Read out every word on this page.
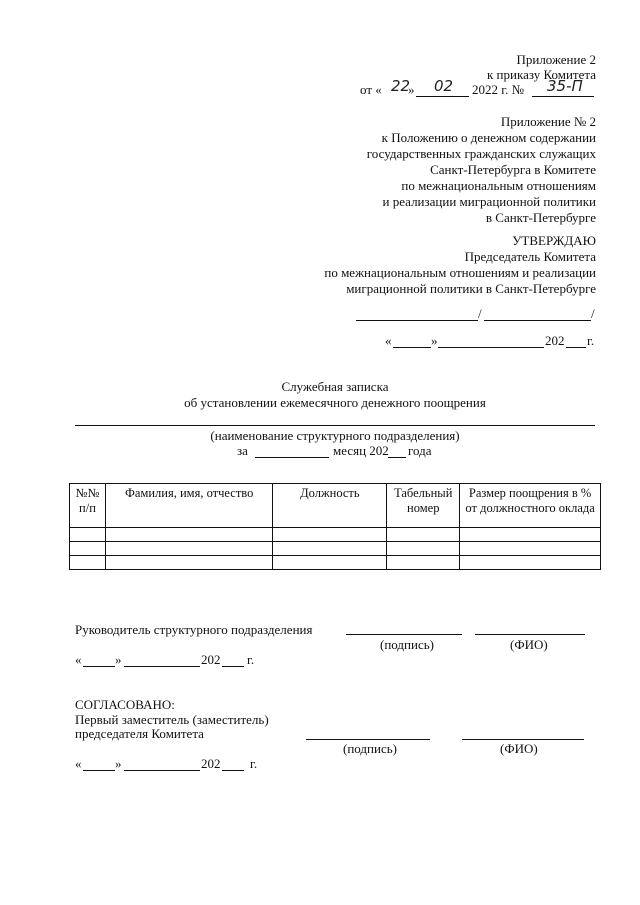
Приложение 2
к приказу Комитета
от « 22
» 02 2022 г. № 35-П
Приложение № 2
к Положению о денежном содержании
государственных гражданских служащих
Санкт-Петербурга в Комитете
по межнациональным отношениям
и реализации миграционной политики
в Санкт-Петербурге
УТВЕРЖДАЮ
Председатель Комитета
по межнациональным отношениям и реализации
миграционной политики в Санкт-Петербурге
/	/
«	»	202 г.
Служебная записка
об установлении ежемесячного денежного поощрения
(наименование структурного подразделения)
за	месяц 202 года
№№ п/п	Фамилия, имя, отчество	Должность	Табельный номер	Размер поощрения в % от должностного оклада

Руководитель структурного подразделения
(подпись)	(ФИО)
«	»	202 г.
СОГЛАСОВАНО:
Первый заместитель (заместитель)
председателя Комитета
(подпись)	(ФИО)
«	»	202 г.
